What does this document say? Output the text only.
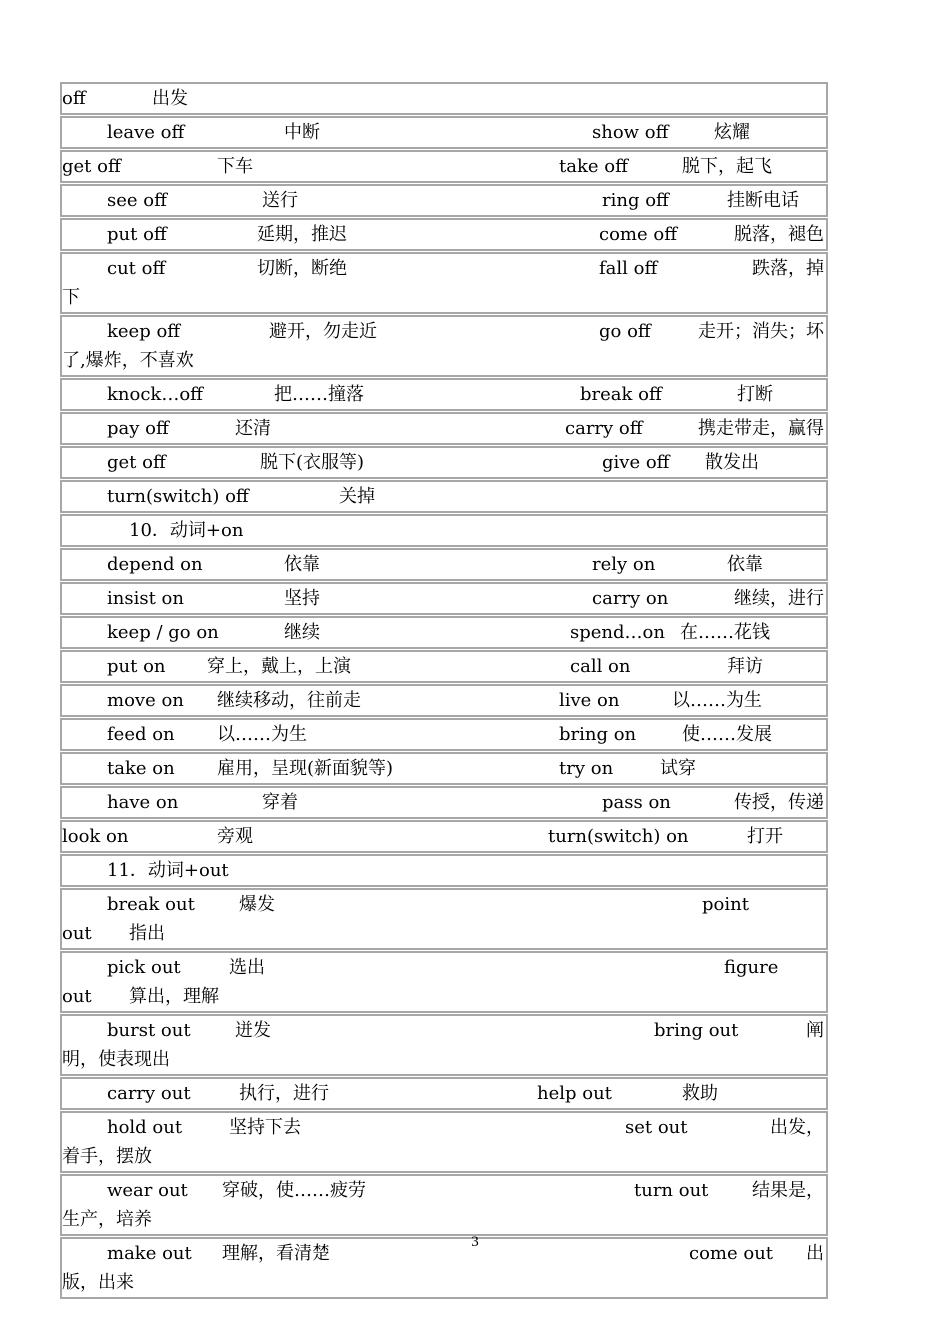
off	出发
leave off	中断	show off	炫耀
get off	下车	take off	脱下，起飞
see off	送行	ring off	挂断电话
put off	延期，推迟	come off	脱落，褪色
cut off	切断，断绝	fall off	跌落，掉
下
keep off	避开，勿走近	go off	走开；消失；坏
了,爆炸，不喜欢
knock…off	把……撞落	break off	打断
pay off	还清	carry off	携走带走，赢得
get off	脱下(衣服等)	give off 散发出
turn(switch) off	关掉
10．动词+on
depend on	依靠	rely on	依靠
insist on	坚持	carry on	继续，进行
keep / go on	继续	spend…on 在……花钱
put on 穿上，戴上，上演	call on	拜访
move on 继续移动，往前走	live on	以……为生
feed on 以……为生	bring on	使……发展
take on 雇用，呈现(新面貌等)	try on	试穿
have on	穿着	pass on	传授，传递
look on	旁观	turn(switch) on	打开
11．动词+out
break out 爆发	point
out 指出
pick out	选出	figure
out 算出，理解
burst out 迸发	bring out	阐
明，使表现出
carry out	执行，进行	help out	救助
hold out	坚持下去	set out	出发，
着手，摆放
wear out 穿破，使……疲劳	turn out 结果是，
生产，培养
make out 理解，看清楚	come out 出
版，出来
3
